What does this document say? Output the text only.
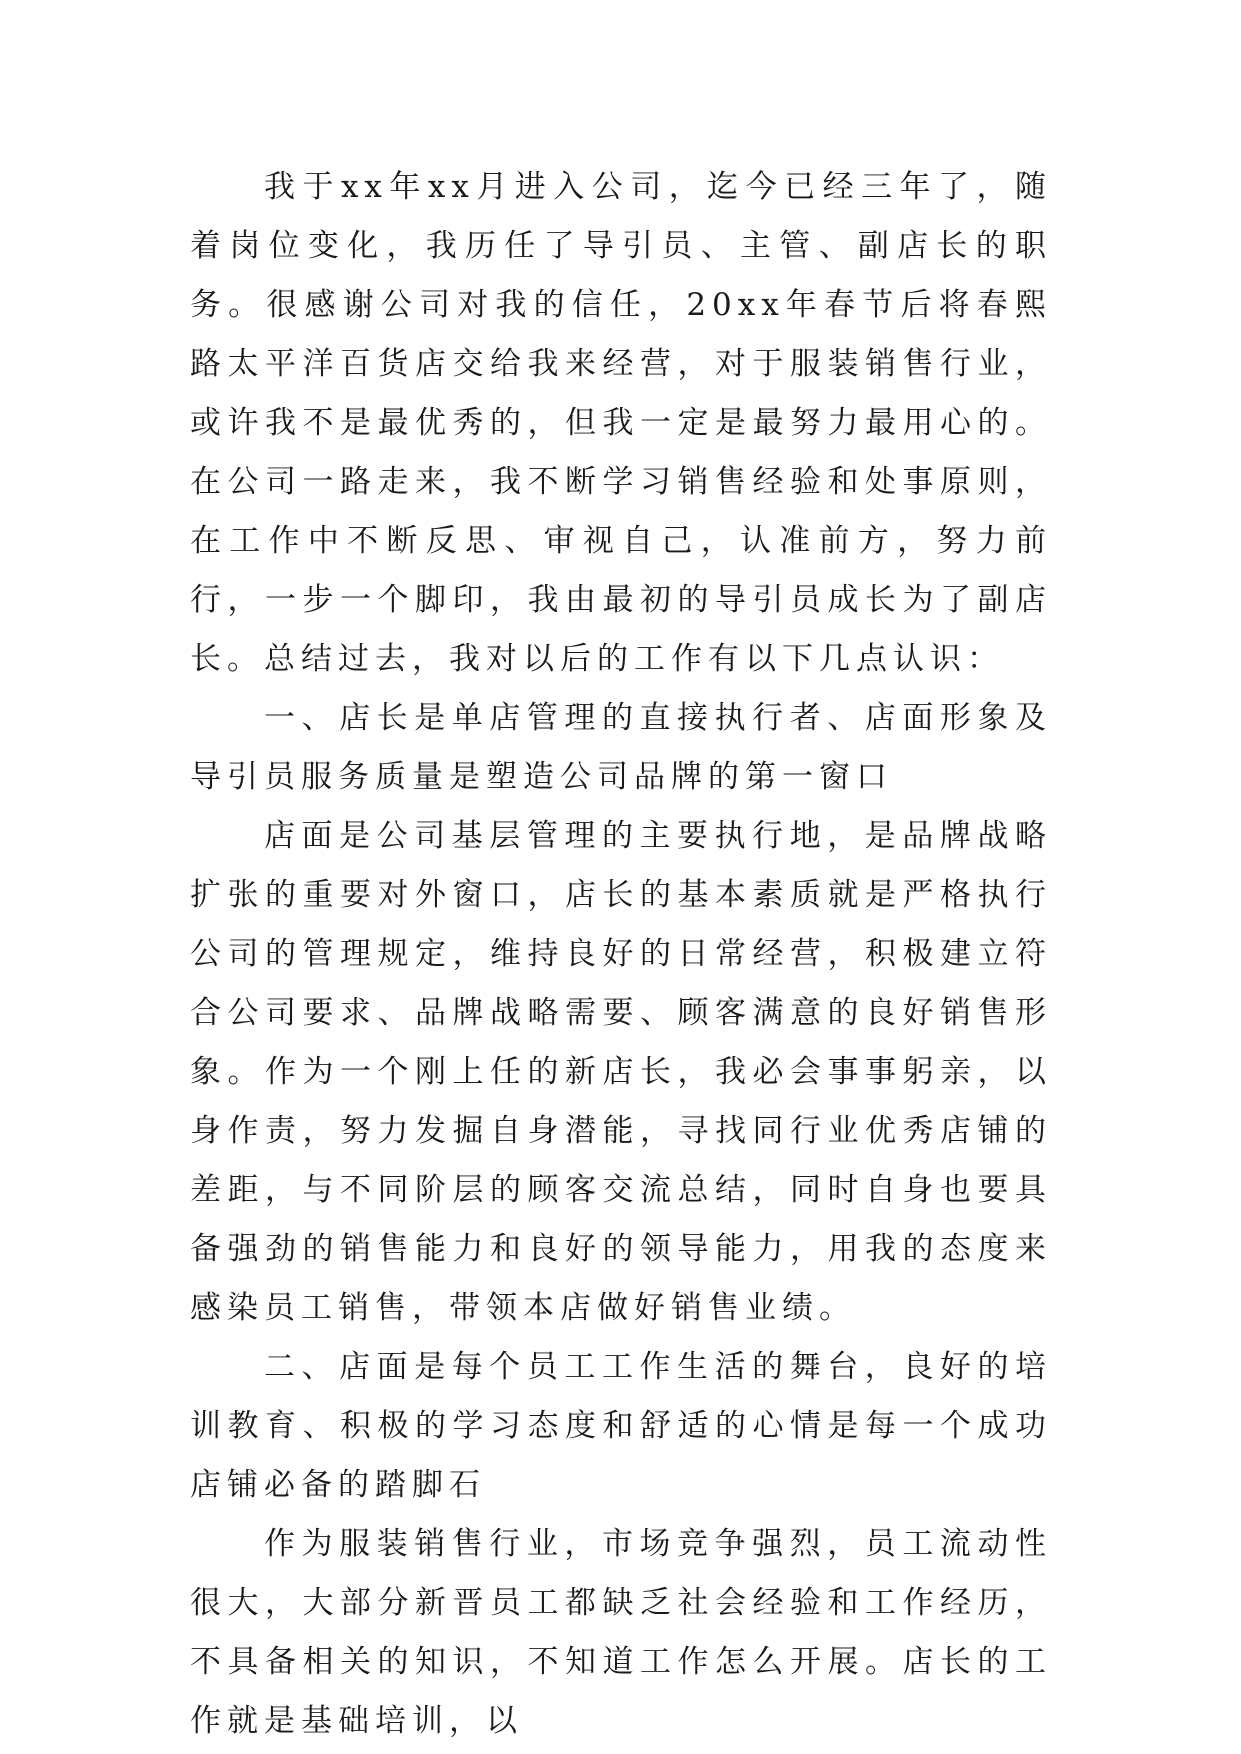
我于xx年xx月进入公司，迄今已经三年了，随着岗位变化，我历任了导引员、主管、副店长的职务。很感谢公司对我的信任，20xx年春节后将春熙路太平洋百货店交给我来经营，对于服装销售行业，或许我不是最优秀的，但我一定是最努力最用心的。在公司一路走来，我不断学习销售经验和处事原则，在工作中不断反思、审视自己，认准前方，努力前行，一步一个脚印，我由最初的导引员成长为了副店长。总结过去，我对以后的工作有以下几点认识：

一、店长是单店管理的直接执行者、店面形象及导引员服务质量是塑造公司品牌的第一窗口

店面是公司基层管理的主要执行地，是品牌战略扩张的重要对外窗口，店长的基本素质就是严格执行公司的管理规定，维持良好的日常经营，积极建立符合公司要求、品牌战略需要、顾客满意的良好销售形象。作为一个刚上任的新店长，我必会事事躬亲，以身作责，努力发掘自身潜能，寻找同行业优秀店铺的差距，与不同阶层的顾客交流总结，同时自身也要具备强劲的销售能力和良好的领导能力，用我的态度来感染员工销售，带领本店做好销售业绩。

二、店面是每个员工工作生活的舞台，良好的培训教育、积极的学习态度和舒适的心情是每一个成功店铺必备的踏脚石

作为服装销售行业，市场竞争强烈，员工流动性很大，大部分新晋员工都缺乏社会经验和工作经历，不具备相关的知识，不知道工作怎么开展。店长的工作就是基础培训，以
